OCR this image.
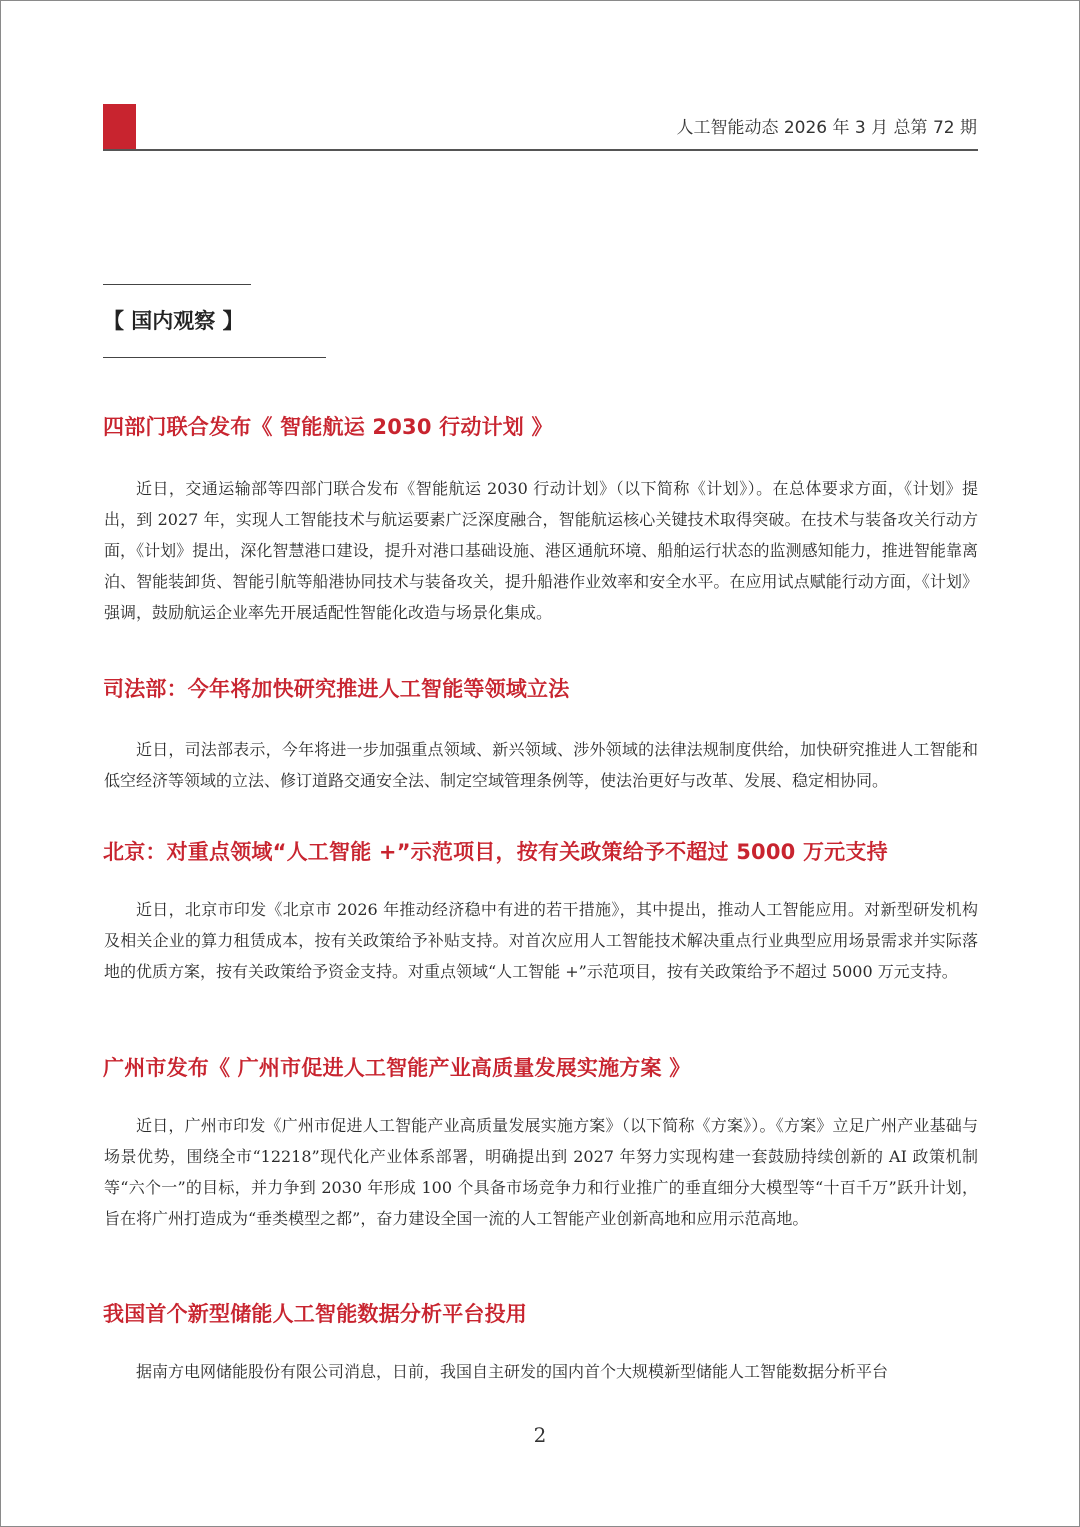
人工智能动态 2026 年 3 月 总第 72 期
【 国内观察 】
四部门联合发布《 智能航运 2030 行动计划 》

近日，交通运输部等四部门联合发布《智能航运 2030 行动计划》（以下简称《计划》）。在总体要求方面，《计划》提出，到 2027 年，实现人工智能技术与航运要素广泛深度融合，智能航运核心关键技术取得突破。在技术与装备攻关行动方面，《计划》提出，深化智慧港口建设，提升对港口基础设施、港区通航环境、船舶运行状态的监测感知能力，推进智能靠离泊、智能装卸货、智能引航等船港协同技术与装备攻关，提升船港作业效率和安全水平。在应用试点赋能行动方面，《计划》强调，鼓励航运企业率先开展适配性智能化改造与场景化集成。

司法部：今年将加快研究推进人工智能等领域立法

近日，司法部表示，今年将进一步加强重点领域、新兴领域、涉外领域的法律法规制度供给，加快研究推进人工智能和低空经济等领域的立法、修订道路交通安全法、制定空域管理条例等，使法治更好与改革、发展、稳定相协同。

北京：对重点领域“人工智能 +”示范项目，按有关政策给予不超过 5000 万元支持

近日，北京市印发《北京市 2026 年推动经济稳中有进的若干措施》，其中提出，推动人工智能应用。对新型研发机构及相关企业的算力租赁成本，按有关政策给予补贴支持。对首次应用人工智能技术解决重点行业典型应用场景需求并实际落地的优质方案，按有关政策给予资金支持。对重点领域“人工智能 +”示范项目，按有关政策给予不超过 5000 万元支持。

广州市发布《 广州市促进人工智能产业高质量发展实施方案 》

近日，广州市印发《广州市促进人工智能产业高质量发展实施方案》（以下简称《方案》）。《方案》立足广州产业基础与场景优势，围绕全市“12218”现代化产业体系部署，明确提出到 2027 年努力实现构建一套鼓励持续创新的 AI 政策机制等“六个一”的目标，并力争到 2030 年形成 100 个具备市场竞争力和行业推广的垂直细分大模型等“十百千万”跃升计划，旨在将广州打造成为“垂类模型之都”，奋力建设全国一流的人工智能产业创新高地和应用示范高地。

我国首个新型储能人工智能数据分析平台投用

据南方电网储能股份有限公司消息，日前，我国自主研发的国内首个大规模新型储能人工智能数据分析平台

2
